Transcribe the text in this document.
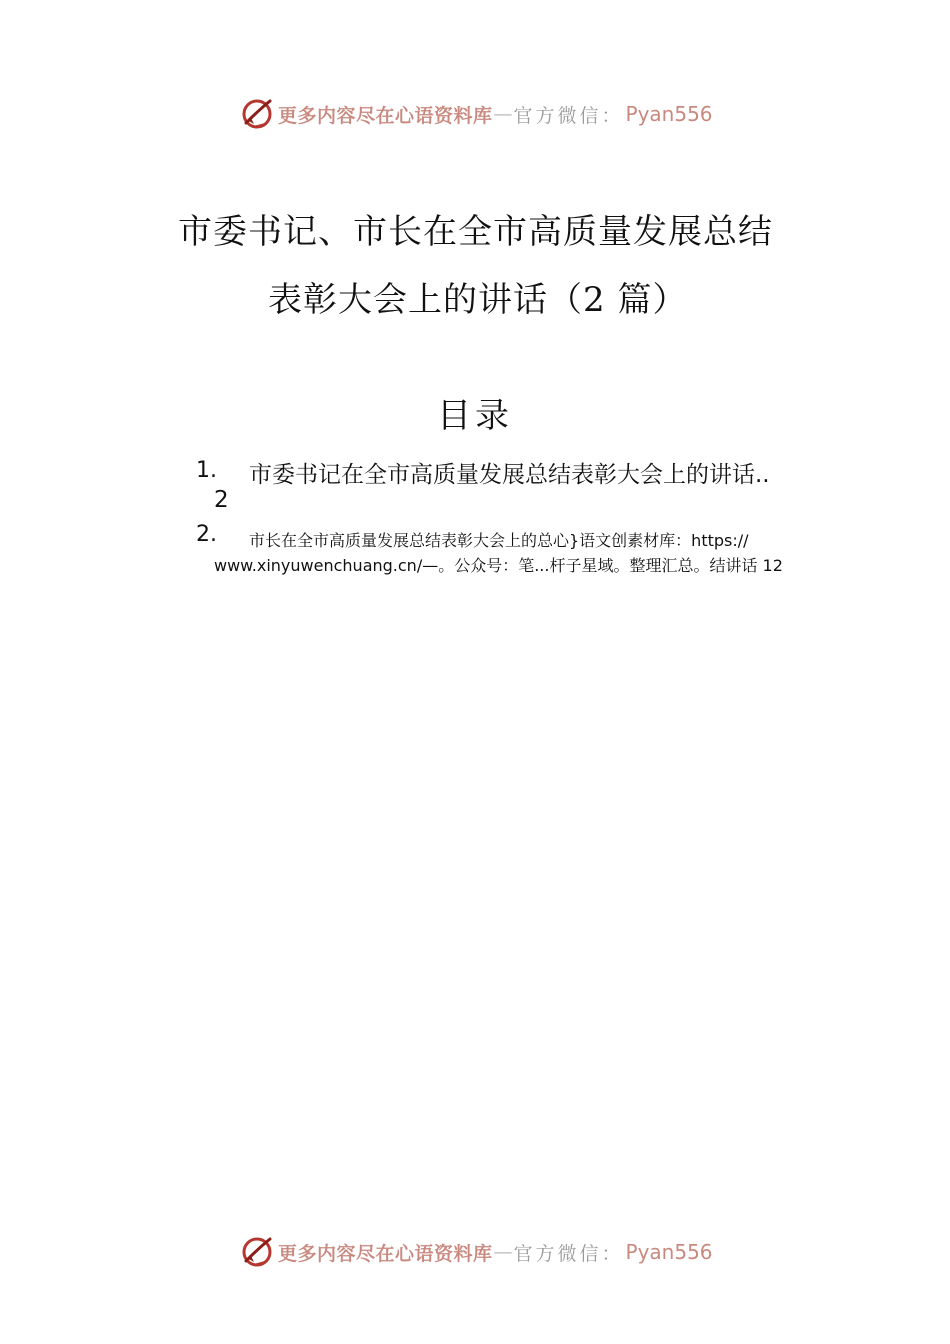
更多内容尽在心语资料库 — 官方微信： Pyan556
市委书记、市长在全市高质量发展总结
表彰大会上的讲话（2 篇）
目录
1. 市委书记在全市高质量发展总结表彰大会上的讲话..
2
2. 市长在全市高质量发展总结表彰大会上的总心}语文创素材库：https://
www.xinyuwenchuang.cn/—。公众号：笔...杆子星域。整理汇总。结讲话 12
更多内容尽在心语资料库 — 官方微信： Pyan556
